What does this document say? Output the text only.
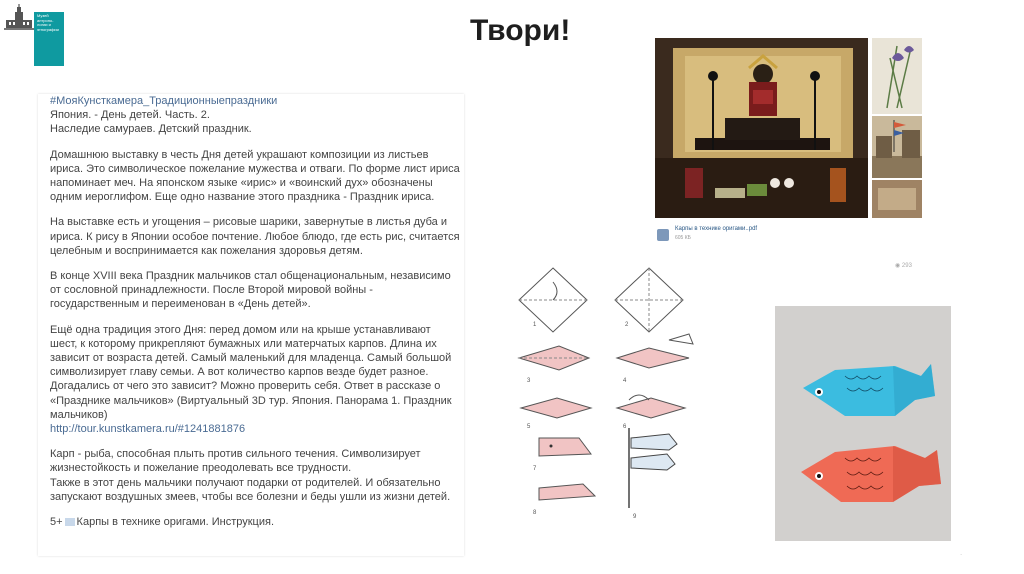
Музей
антропо-
логии и
этнографии	Твори!

#МояКунсткамера_Традиционныепраздники
Япония. - День детей. Часть. 2.
Наследие самураев. Детский праздник.

Домашнюю выставку в честь Дня детей украшают композиции из листьев ириса. Это символическое пожелание мужества и отваги. По форме лист ириса напоминает меч. На японском языке «ирис» и «воинский дух» обозначены одним иероглифом. Еще одно название этого праздника - Праздник ириса.

На выставке есть и угощения – рисовые шарики, завернутые в листья дуба и ириса. К рису в Японии особое почтение. Любое блюдо, где есть рис, считается целебным и воспринимается как пожелания здоровья детям.

В конце XVIII века Праздник мальчиков стал общенациональным, независимо от сословной принадлежности. После Второй мировой войны - государственным и переименован в «День детей».

Ещё одна традиция этого Дня: перед домом или на крыше устанавливают шест, к которому прикрепляют бумажных или матерчатых карпов. Длина их зависит от возраста детей. Самый маленький для младенца. Самый большой символизирует главу семьи. А вот количество карпов везде будет разное. Догадались от чего это зависит? Можно проверить себя. Ответ в рассказе о «Празднике мальчиков» (Виртуальный 3D тур. Япония. Панорама 1. Праздник мальчиков)
http://tour.kunstkamera.ru/#1241881876

Карп - рыба, способная плыть против сильного течения. Символизирует жизнестойкость и пожелание преодолевать все трудности.
Также в этот день мальчики получают подарки от родителей. И обязательно запускают воздушных змеев, чтобы все болезни и беды ушли из жизни детей.

5+ Карпы в технике оригами. Инструкция.

Карпы в технике оригами..pdf
605 КБ
◉ 293
1	2
3	4
5	6
7
8
9
.
